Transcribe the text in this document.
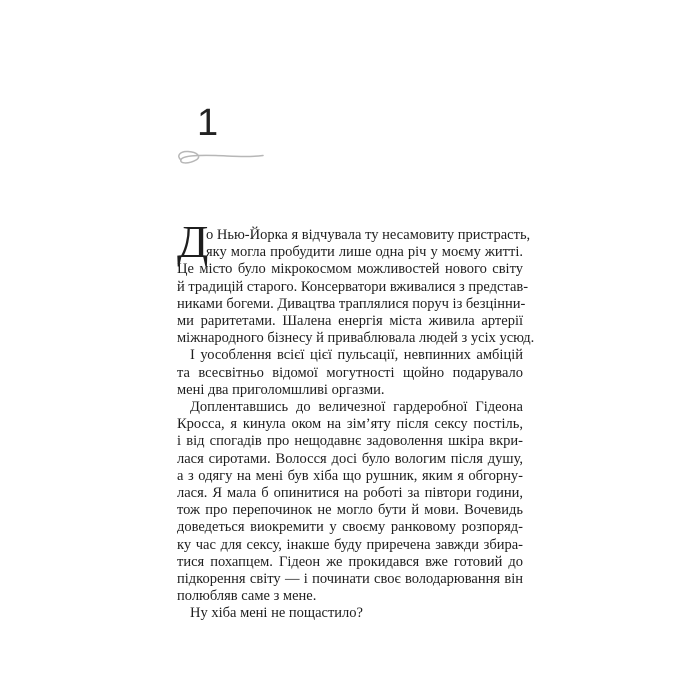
1
Д
о Нью-Йорка я відчувала ту несамовиту пристрасть,
яку могла пробудити лише одна річ у моєму житті.
Це місто було мікрокосмом можливостей нового світу
й традицій старого. Консерватори вживалися з представ-
никами богеми. Дивацтва траплялися поруч із безцінни-
ми раритетами. Шалена енергія міста живила артерії
міжнародного бізнесу й приваблювала людей з усіх усюд.
І уособлення всієї цієї пульсації, невпинних амбіцій
та всесвітньо відомої могутності щойно подарувало
мені два приголомшливі оргазми.
Доплентавшись до величезної гардеробної Гідеона
Кросса, я кинула оком на зім’яту після сексу постіль,
і від спогадів про нещодавнє задоволення шкіра вкри-
лася сиротами. Волосся досі було вологим після душу,
а з одягу на мені був хіба що рушник, яким я обгорну-
лася. Я мала б опинитися на роботі за півтори години,
тож про перепочинок не могло бути й мови. Вочевидь
доведеться виокремити у своєму ранковому розпоряд-
ку час для сексу, інакше буду приречена завжди збира-
тися похапцем. Гідеон же прокидався вже готовий до
підкорення світу — і починати своє володарювання він
полюбляв саме з мене.
Ну хіба мені не пощастило?
